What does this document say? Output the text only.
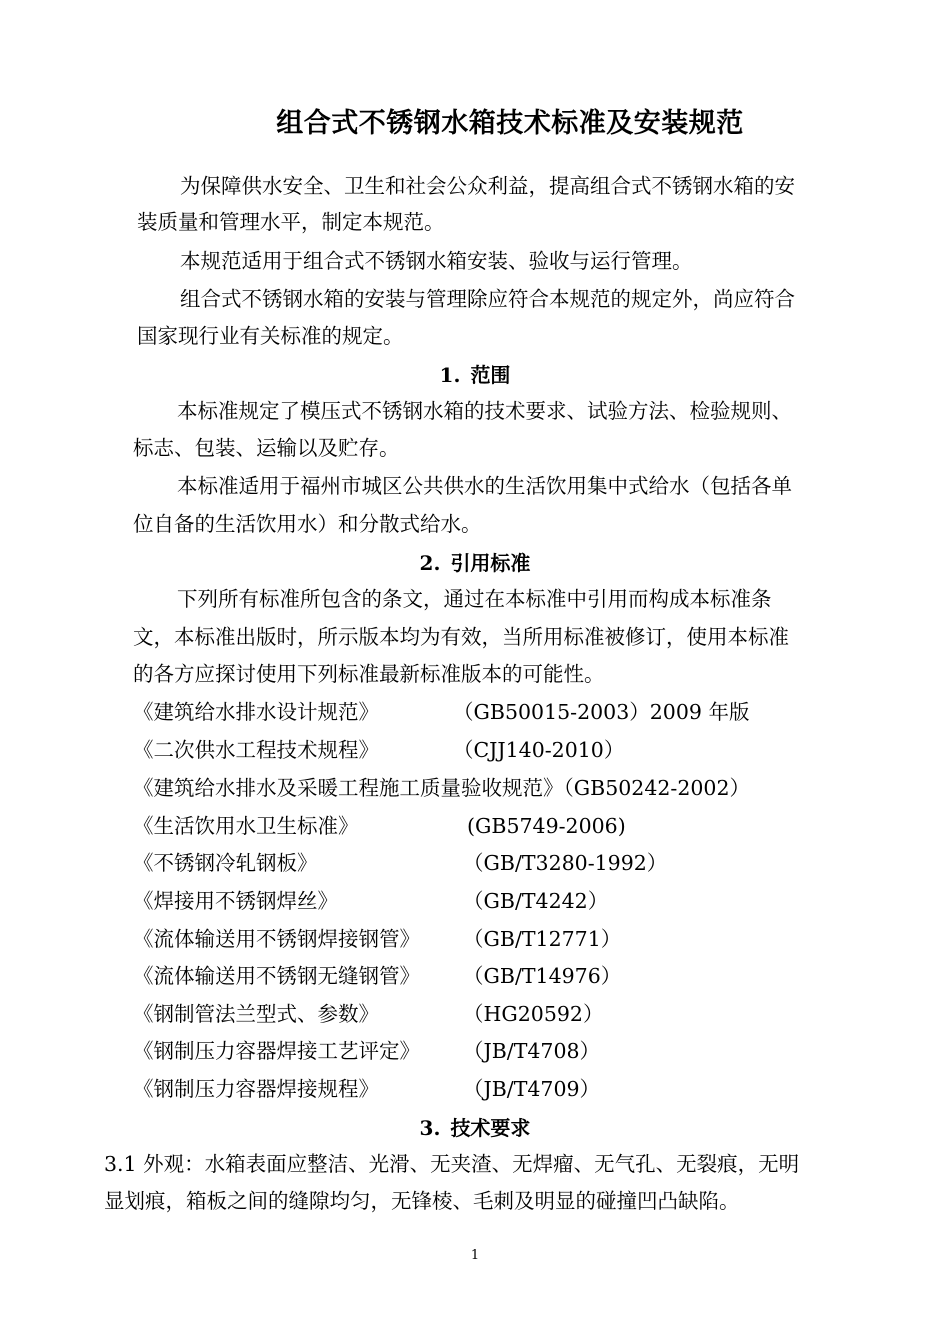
组合式不锈钢水箱技术标准及安装规范
为保障供水安全、卫生和社会公众利益，提高组合式不锈钢水箱的安
装质量和管理水平，制定本规范。
本规范适用于组合式不锈钢水箱安装、验收与运行管理。
组合式不锈钢水箱的安装与管理除应符合本规范的规定外，尚应符合
国家现行业有关标准的规定。
1. 范围
本标准规定了模压式不锈钢水箱的技术要求、试验方法、检验规则、
标志、包装、运输以及贮存。
本标准适用于福州市城区公共供水的生活饮用集中式给水（包括各单
位自备的生活饮用水）和分散式给水。
2. 引用标准
下列所有标准所包含的条文，通过在本标准中引用而构成本标准条
文，本标准出版时，所示版本均为有效，当所用标准被修订，使用本标准
的各方应探讨使用下列标准最新标准版本的可能性。
《建筑给水排水设计规范》	（GB50015-2003）2009 年版
《二次供水工程技术规程》	（CJJ140-2010）
《建筑给水排水及采暖工程施工质量验收规范》（GB50242-2002）
《生活饮用水卫生标准》	(GB5749-2006)
《不锈钢冷轧钢板》	（GB/T3280-1992）
《焊接用不锈钢焊丝》	（GB/T4242）
《流体输送用不锈钢焊接钢管》 （GB/T12771）
《流体输送用不锈钢无缝钢管》 （GB/T14976）
《钢制管法兰型式、参数》	（HG20592）
《钢制压力容器焊接工艺评定》 （JB/T4708）
《钢制压力容器焊接规程》	（JB/T4709）
3. 技术要求
3.1 外观：水箱表面应整洁、光滑、无夹渣、无焊瘤、无气孔、无裂痕，无明
显划痕，箱板之间的缝隙均匀，无锋棱、毛刺及明显的碰撞凹凸缺陷。
1
